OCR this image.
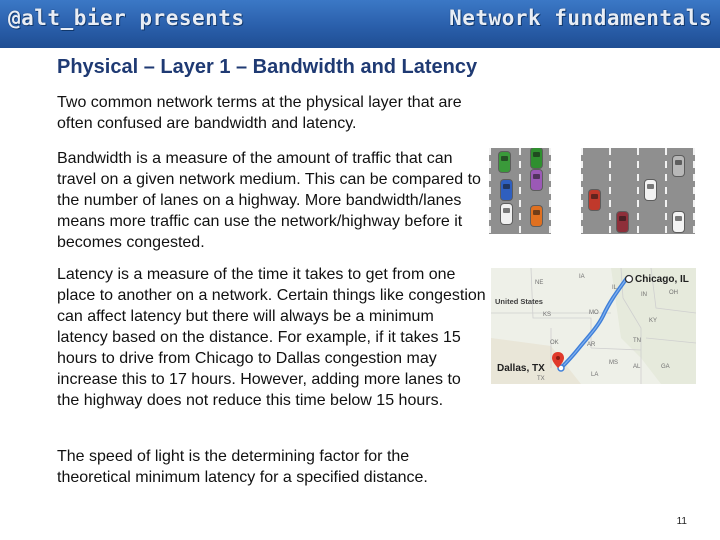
@alt_bier presents	Network fundamentals
Physical – Layer 1 – Bandwidth and Latency

Two common network terms at the physical layer that are often confused are bandwidth and latency.

Bandwidth is a measure of the amount of traffic that can travel on a given network medium. This can be compared to the number of lanes on a highway. More bandwidth/lanes means more traffic can use the network/highway before it becomes congested.

Latency is a measure of the time it takes to get from one place to another on a network. Certain things like congestion can affect latency but there will always be a minimum latency based on the distance. For example, if it takes 15 hours to drive from Chicago to Dallas congestion may increase this to 17 hours. However, adding more lanes to the highway does not reduce this time below 15 hours.

The speed of light is the determining factor for the theoretical minimum latency for a specified distance.

NE
IA
IL
IN	OH
KS	MO
KY
OK	AR
TN
MS
AL	GA
TX
LA
United States
Chicago, IL
Dallas, TX
11
